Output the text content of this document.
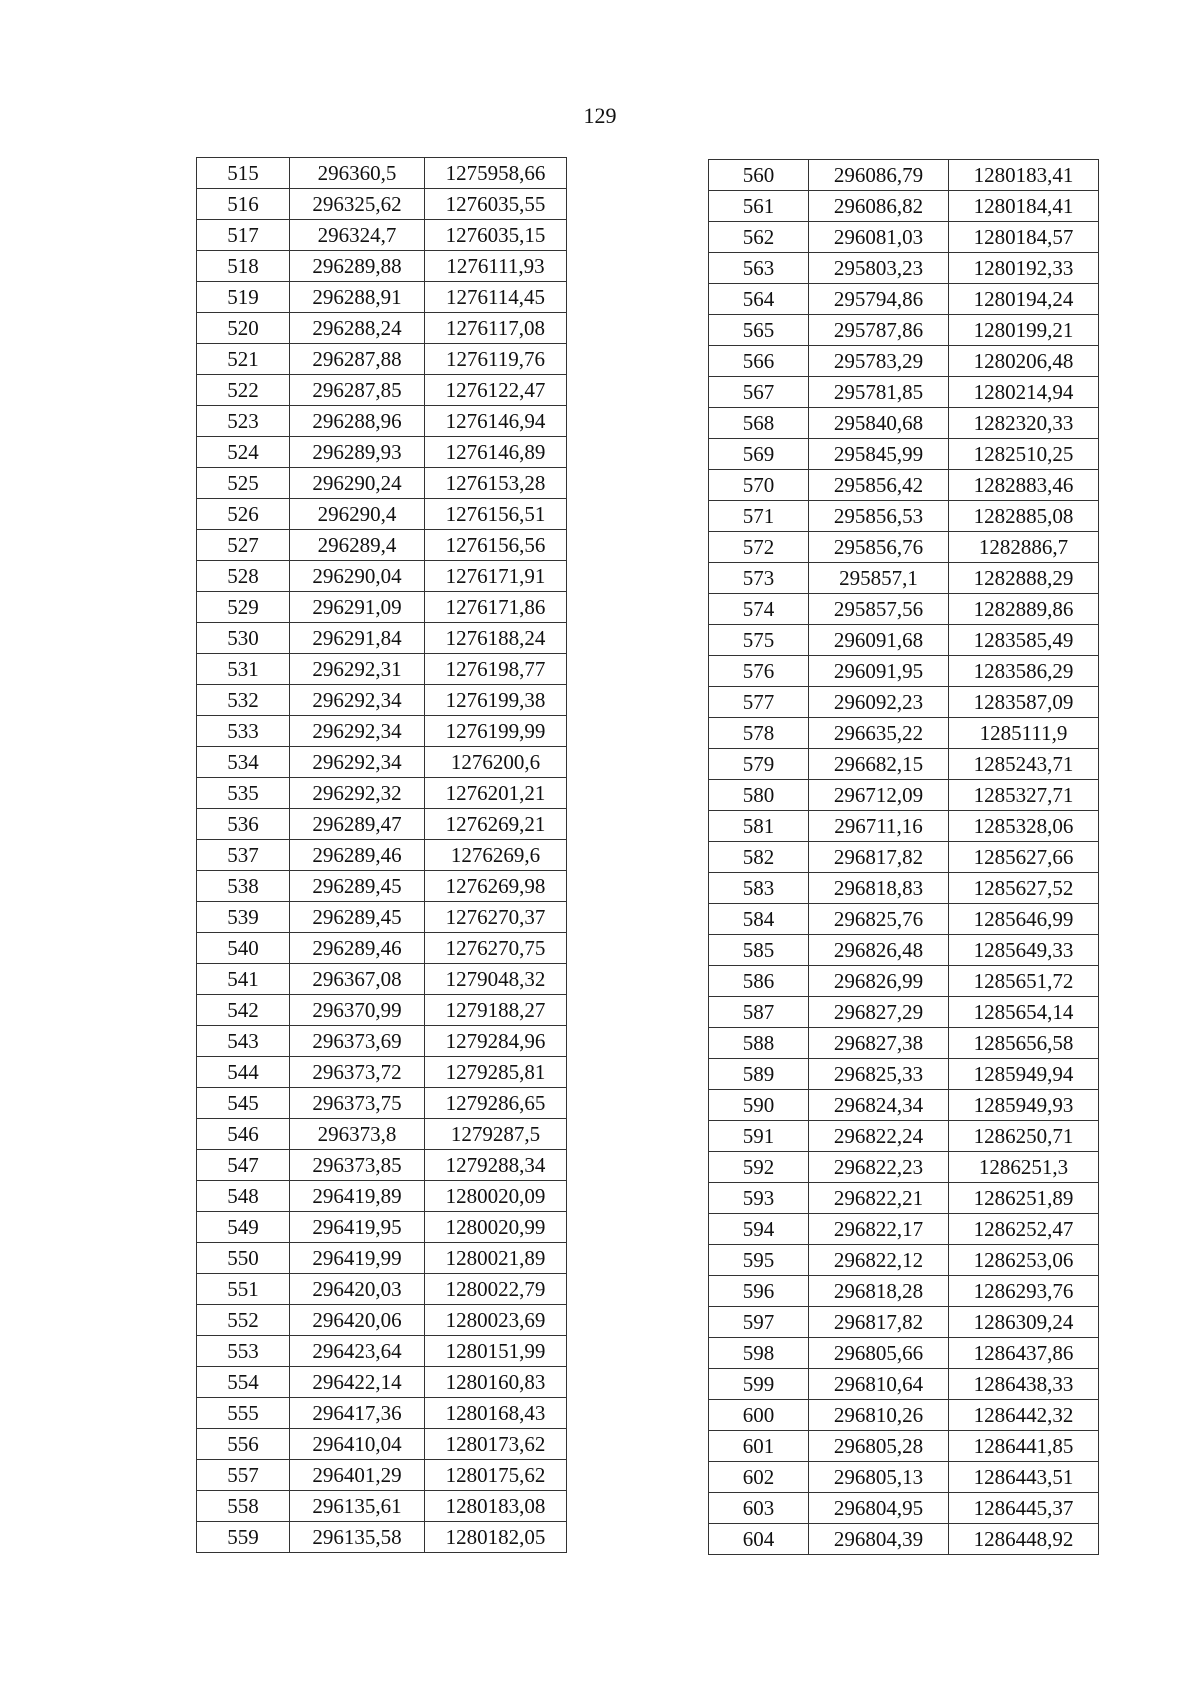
129
515	296360,5	1275958,66
516	296325,62	1276035,55
517	296324,7	1276035,15
518	296289,88	1276111,93
519	296288,91	1276114,45
520	296288,24	1276117,08
521	296287,88	1276119,76
522	296287,85	1276122,47
523	296288,96	1276146,94
524	296289,93	1276146,89
525	296290,24	1276153,28
526	296290,4	1276156,51
527	296289,4	1276156,56
528	296290,04	1276171,91
529	296291,09	1276171,86
530	296291,84	1276188,24
531	296292,31	1276198,77
532	296292,34	1276199,38
533	296292,34	1276199,99
534	296292,34	1276200,6
535	296292,32	1276201,21
536	296289,47	1276269,21
537	296289,46	1276269,6
538	296289,45	1276269,98
539	296289,45	1276270,37
540	296289,46	1276270,75
541	296367,08	1279048,32
542	296370,99	1279188,27
543	296373,69	1279284,96
544	296373,72	1279285,81
545	296373,75	1279286,65
546	296373,8	1279287,5
547	296373,85	1279288,34
548	296419,89	1280020,09
549	296419,95	1280020,99
550	296419,99	1280021,89
551	296420,03	1280022,79
552	296420,06	1280023,69
553	296423,64	1280151,99
554	296422,14	1280160,83
555	296417,36	1280168,43
556	296410,04	1280173,62
557	296401,29	1280175,62
558	296135,61	1280183,08
559	296135,58	1280182,05
560	296086,79	1280183,41
561	296086,82	1280184,41
562	296081,03	1280184,57
563	295803,23	1280192,33
564	295794,86	1280194,24
565	295787,86	1280199,21
566	295783,29	1280206,48
567	295781,85	1280214,94
568	295840,68	1282320,33
569	295845,99	1282510,25
570	295856,42	1282883,46
571	295856,53	1282885,08
572	295856,76	1282886,7
573	295857,1	1282888,29
574	295857,56	1282889,86
575	296091,68	1283585,49
576	296091,95	1283586,29
577	296092,23	1283587,09
578	296635,22	1285111,9
579	296682,15	1285243,71
580	296712,09	1285327,71
581	296711,16	1285328,06
582	296817,82	1285627,66
583	296818,83	1285627,52
584	296825,76	1285646,99
585	296826,48	1285649,33
586	296826,99	1285651,72
587	296827,29	1285654,14
588	296827,38	1285656,58
589	296825,33	1285949,94
590	296824,34	1285949,93
591	296822,24	1286250,71
592	296822,23	1286251,3
593	296822,21	1286251,89
594	296822,17	1286252,47
595	296822,12	1286253,06
596	296818,28	1286293,76
597	296817,82	1286309,24
598	296805,66	1286437,86
599	296810,64	1286438,33
600	296810,26	1286442,32
601	296805,28	1286441,85
602	296805,13	1286443,51
603	296804,95	1286445,37
604	296804,39	1286448,92
